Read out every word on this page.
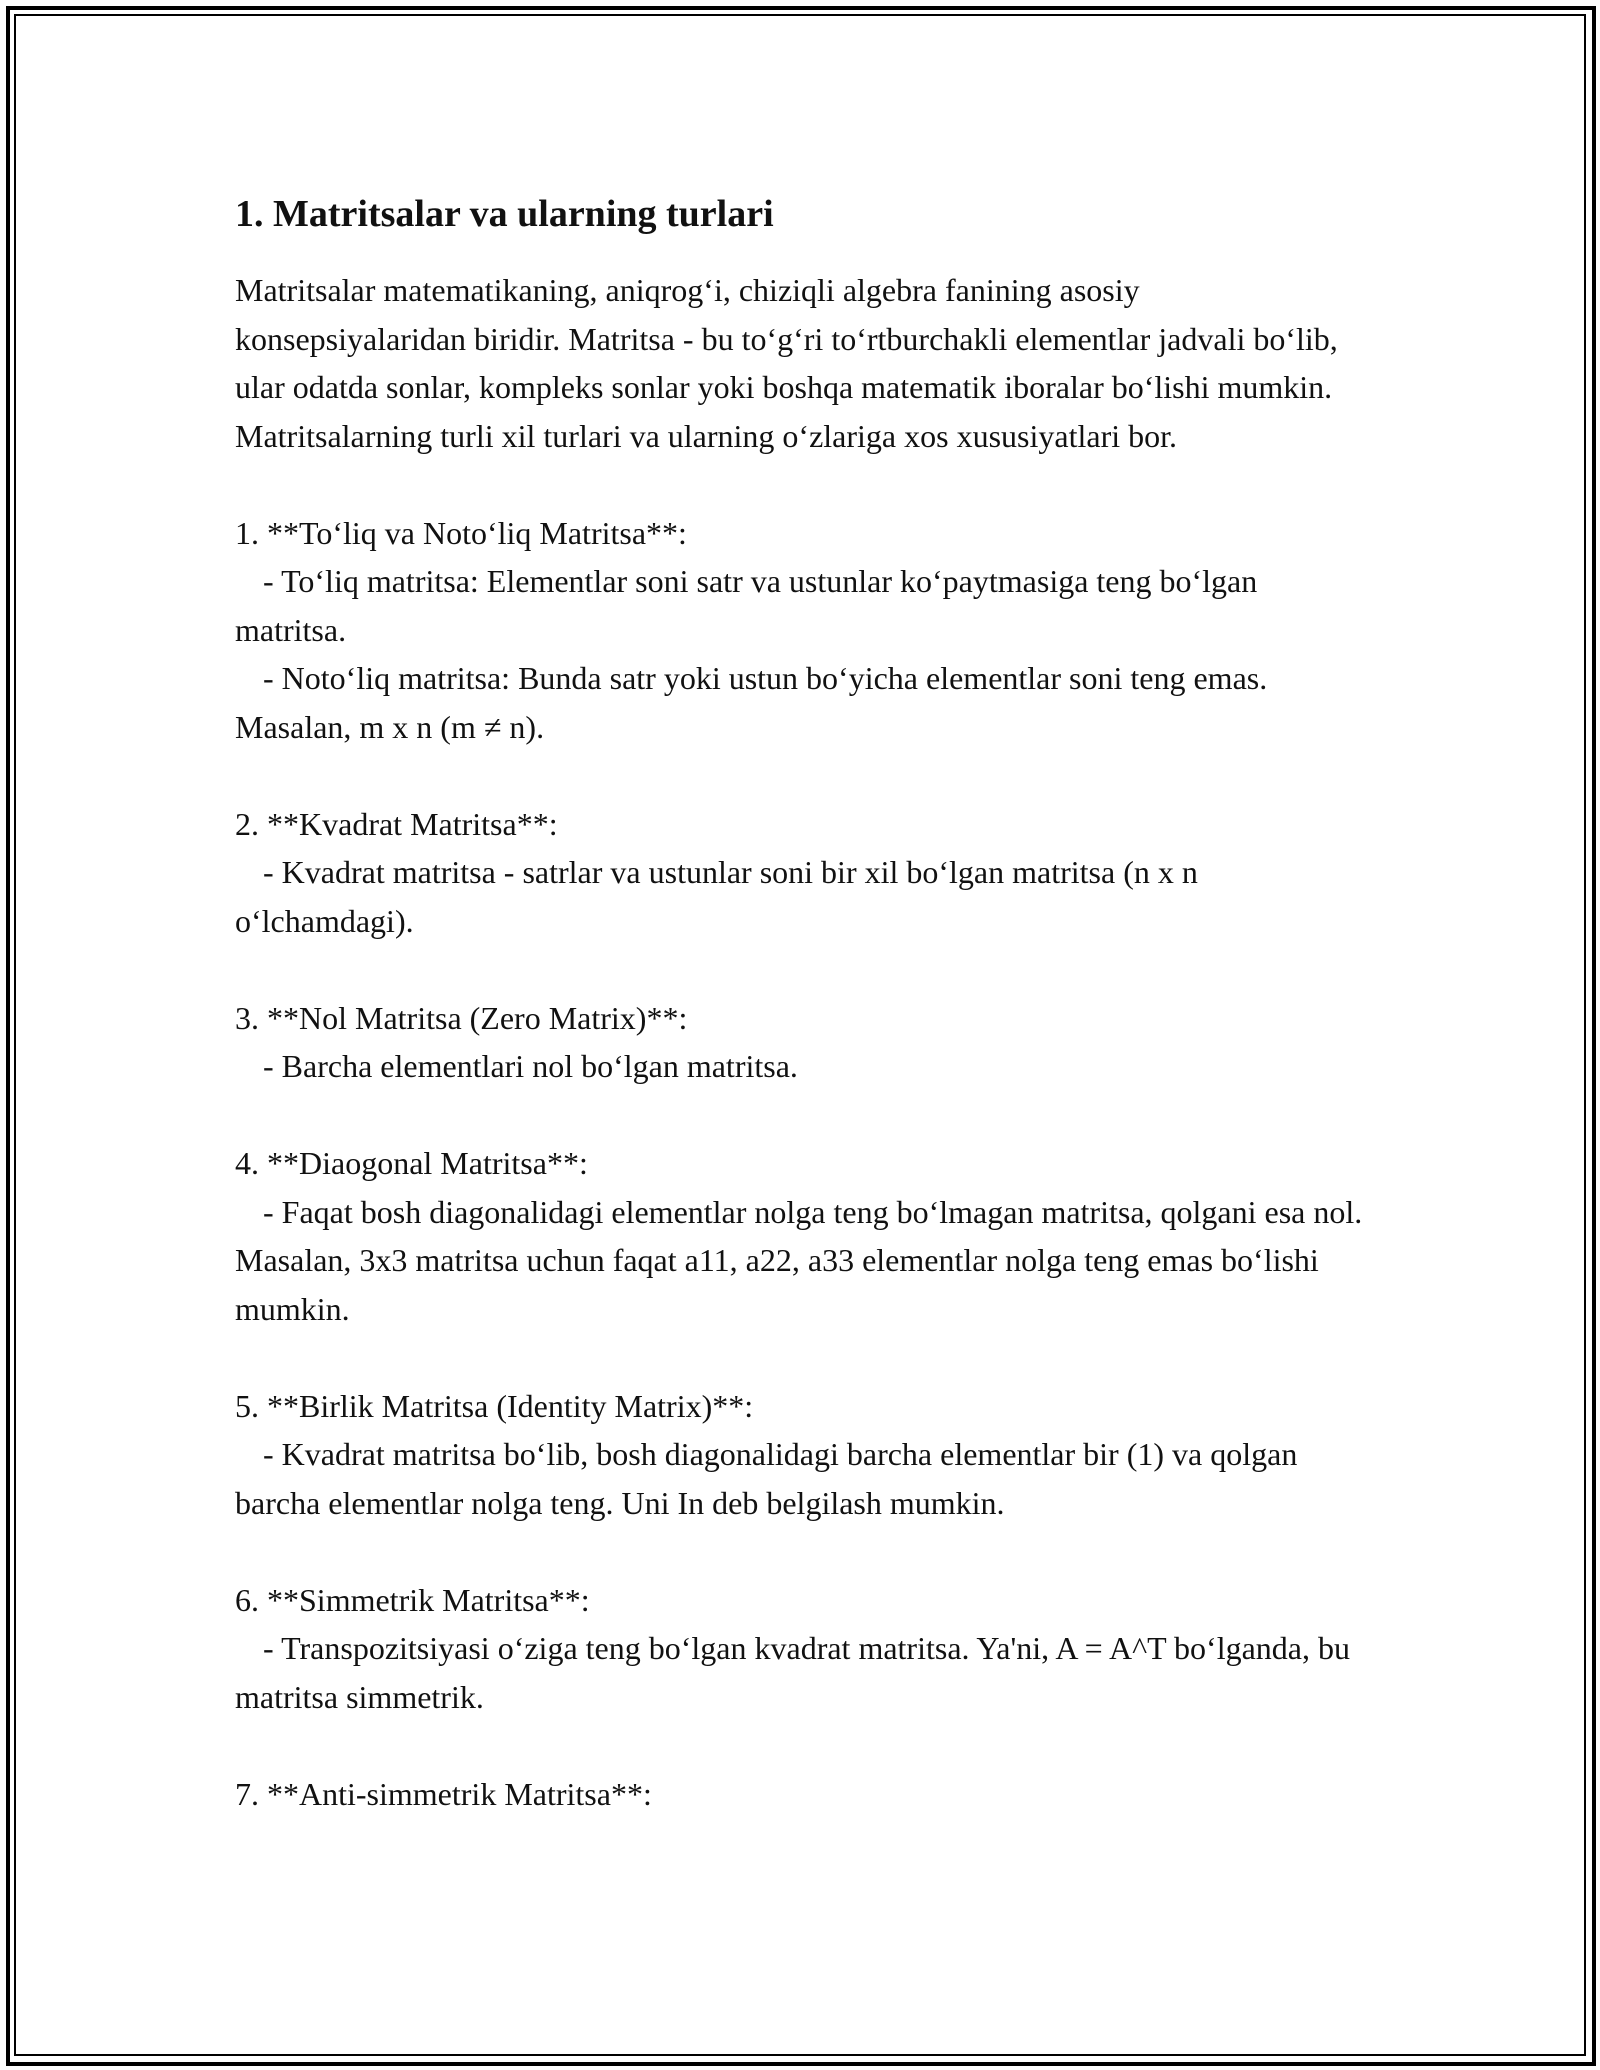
1. Matritsalar va ularning turlari

Matritsalar matematikaning, aniqrog‘i, chiziqli algebra fanining asosiy konsepsiyalaridan biridir. Matritsa - bu to‘g‘ri to‘rtburchakli elementlar jadvali bo‘lib, ular odatda sonlar, kompleks sonlar yoki boshqa matematik iboralar bo‘lishi mumkin. Matritsalarning turli xil turlari va ularning o‘zlariga xos xususiyatlari bor.

1. **To‘liq va Noto‘liq Matritsa**:

- To‘liq matritsa: Elementlar soni satr va ustunlar ko‘paytmasiga teng bo‘lgan matritsa.

- Noto‘liq matritsa: Bunda satr yoki ustun bo‘yicha elementlar soni teng emas. Masalan, m x n (m ≠ n).

2. **Kvadrat Matritsa**:

- Kvadrat matritsa - satrlar va ustunlar soni bir xil bo‘lgan matritsa (n x n o‘lchamdagi).

3. **Nol Matritsa (Zero Matrix)**:

- Barcha elementlari nol bo‘lgan matritsa.

4. **Diaogonal Matritsa**:

- Faqat bosh diagonalidagi elementlar nolga teng bo‘lmagan matritsa, qolgani esa nol. Masalan, 3x3 matritsa uchun faqat a11, a22, a33 elementlar nolga teng emas bo‘lishi mumkin.

5. **Birlik Matritsa (Identity Matrix)**:

- Kvadrat matritsa bo‘lib, bosh diagonalidagi barcha elementlar bir (1) va qolgan barcha elementlar nolga teng. Uni In deb belgilash mumkin.

6. **Simmetrik Matritsa**:

- Transpozitsiyasi o‘ziga teng bo‘lgan kvadrat matritsa. Ya'ni, A = A^T bo‘lganda, bu matritsa simmetrik.

7. **Anti-simmetrik Matritsa**:
